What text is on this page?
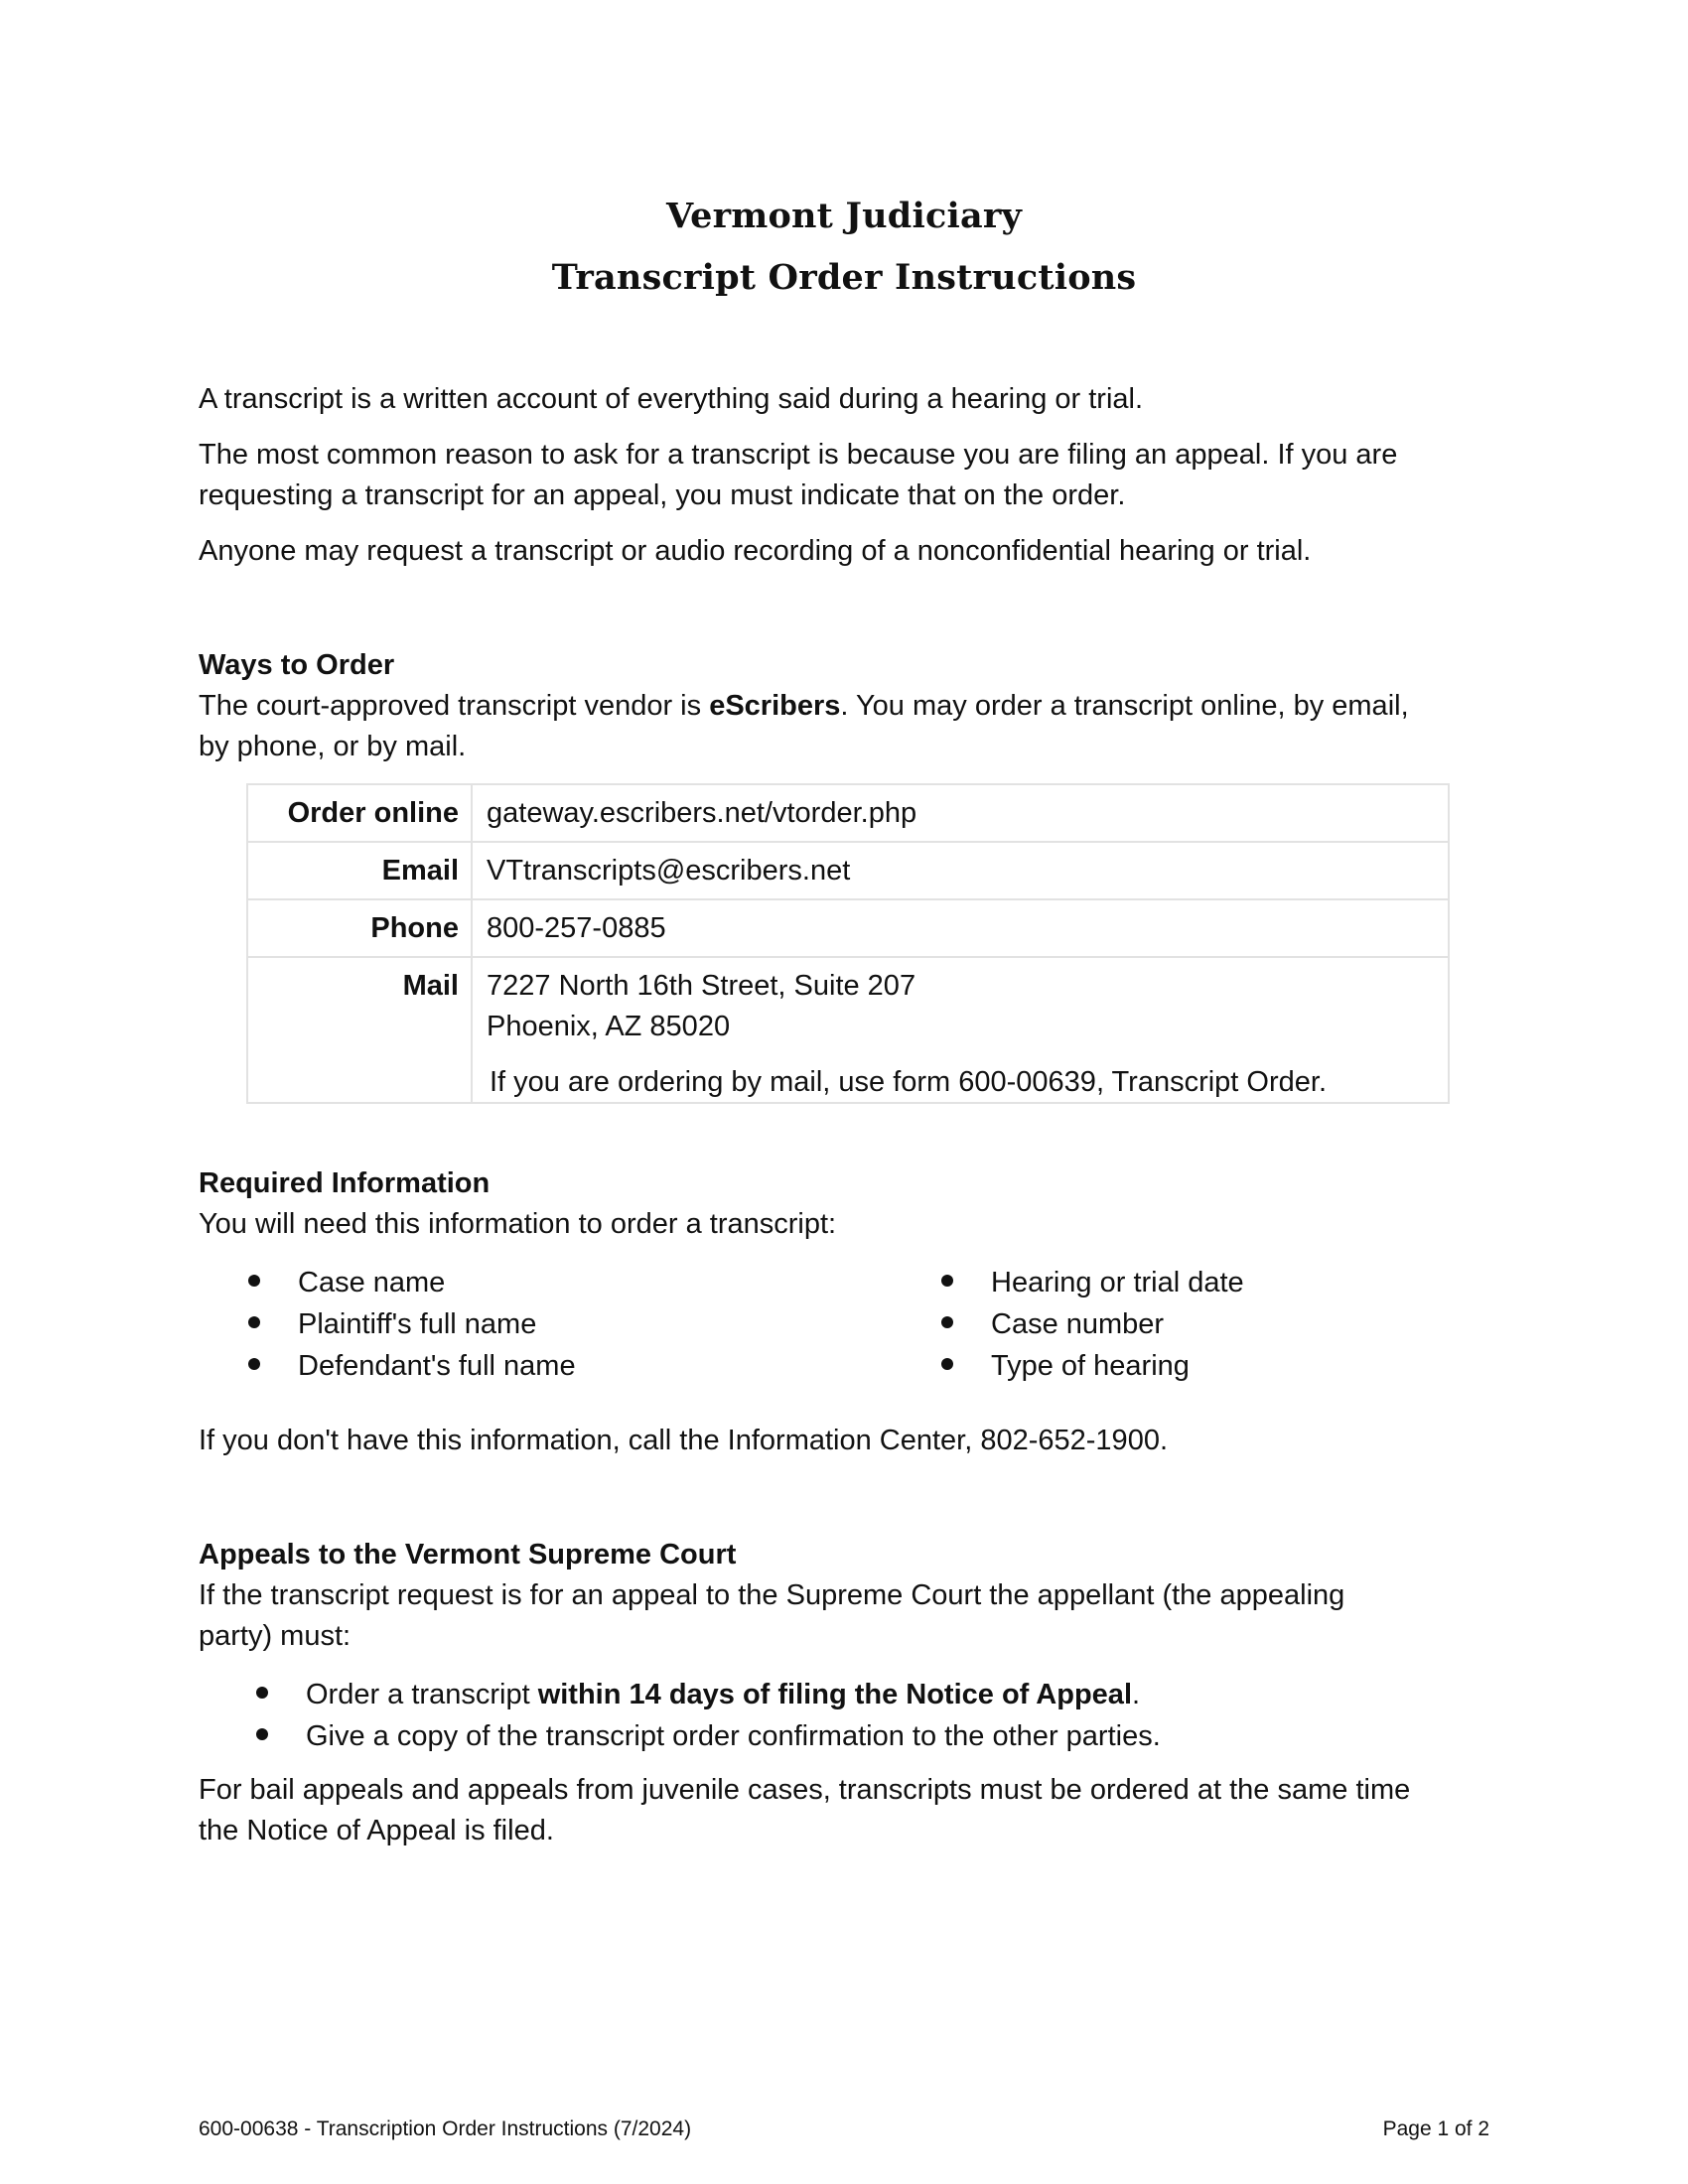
Vermont Judiciary
Transcript Order Instructions
A transcript is a written account of everything said during a hearing or trial.
The most common reason to ask for a transcript is because you are filing an appeal. If you are
requesting a transcript for an appeal, you must indicate that on the order.
Anyone may request a transcript or audio recording of a nonconfidential hearing or trial.
Ways to Order
The court-approved transcript vendor is eScribers. You may order a transcript online, by email,
by phone, or by mail.
Order online gateway.escribers.net/vtorder.php
Email VTtranscripts@escribers.net
Phone 800-257-0885
Mail 7227 North 16th Street, Suite 207
Phoenix, AZ 85020
If you are ordering by mail, use form 600-00639, Transcript Order.
Required Information
You will need this information to order a transcript:
Case name
Plaintiff's full name
Defendant's full name
Hearing or trial date
Case number
Type of hearing
If you don't have this information, call the Information Center, 802-652-1900.
Appeals to the Vermont Supreme Court
If the transcript request is for an appeal to the Supreme Court the appellant (the appealing
party) must:
Order a transcript within 14 days of filing the Notice of Appeal.
Give a copy of the transcript order confirmation to the other parties.
For bail appeals and appeals from juvenile cases, transcripts must be ordered at the same time
the Notice of Appeal is filed.
600-00638 - Transcription Order Instructions (7/2024)	Page 1 of 2
